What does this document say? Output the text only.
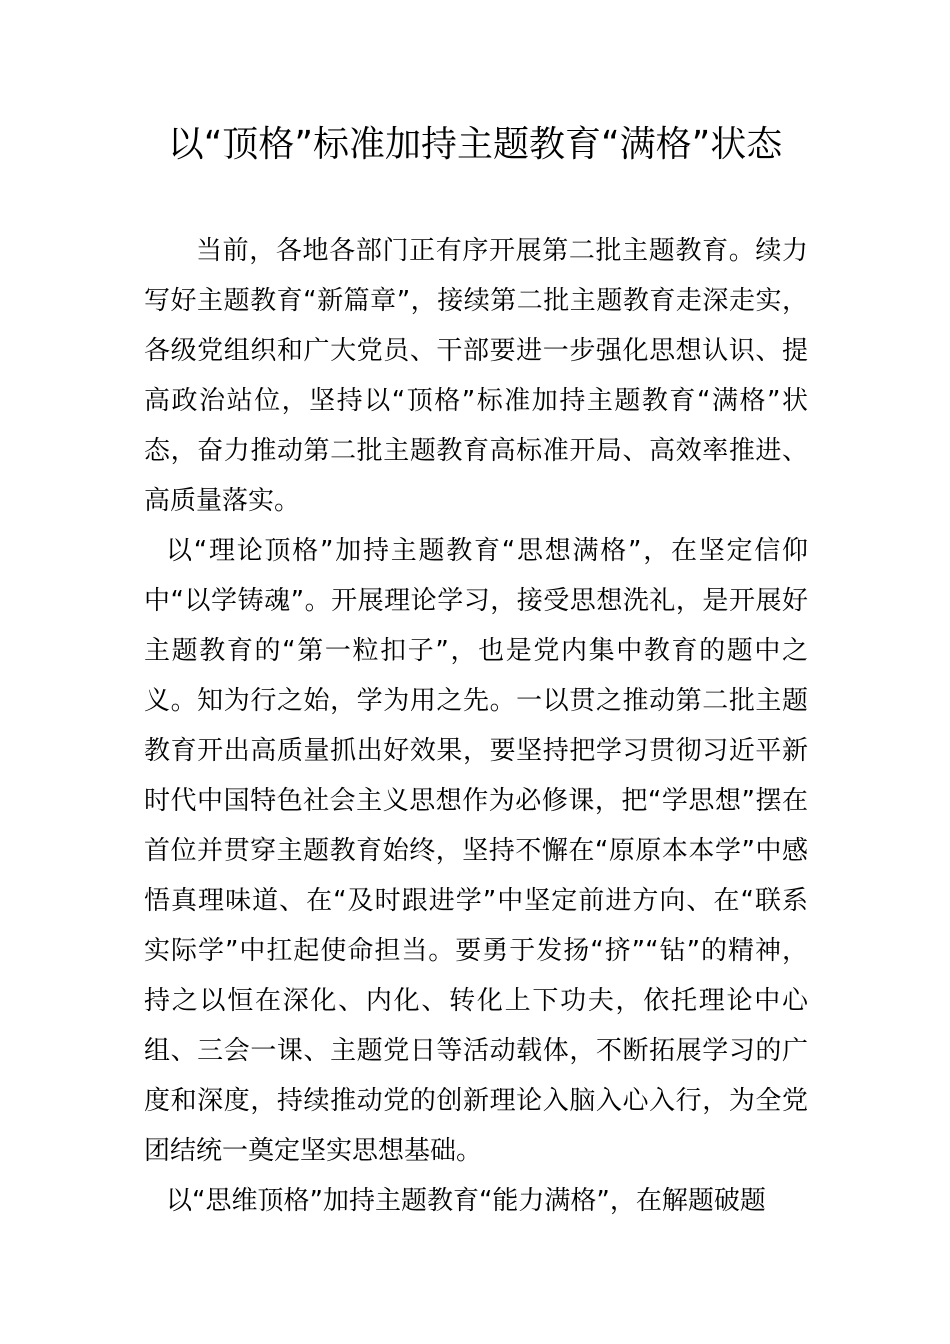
以“顶格”标准加持主题教育“满格”状态

当前，各地各部门正有序开展第二批主题教育。续力写好主题教育“新篇章”，接续第二批主题教育走深走实，各级党组织和广大党员、干部要进一步强化思想认识、提高政治站位，坚持以“顶格”标准加持主题教育“满格”状态，奋力推动第二批主题教育高标准开局、高效率推进、高质量落实。

以“理论顶格”加持主题教育“思想满格”，在坚定信仰中“以学铸魂”。开展理论学习，接受思想洗礼，是开展好主题教育的“第一粒扣子”，也是党内集中教育的题中之义。知为行之始，学为用之先。一以贯之推动第二批主题教育开出高质量抓出好效果，要坚持把学习贯彻习近平新时代中国特色社会主义思想作为必修课，把“学思想”摆在首位并贯穿主题教育始终，坚持不懈在“原原本本学”中感悟真理味道、在“及时跟进学”中坚定前进方向、在“联系实际学”中扛起使命担当。要勇于发扬“挤”“钻”的精神，持之以恒在深化、内化、转化上下功夫，依托理论中心组、三会一课、主题党日等活动载体，不断拓展学习的广度和深度，持续推动党的创新理论入脑入心入行，为全党团结统一奠定坚实思想基础。

以“思维顶格”加持主题教育“能力满格”，在解题破题
